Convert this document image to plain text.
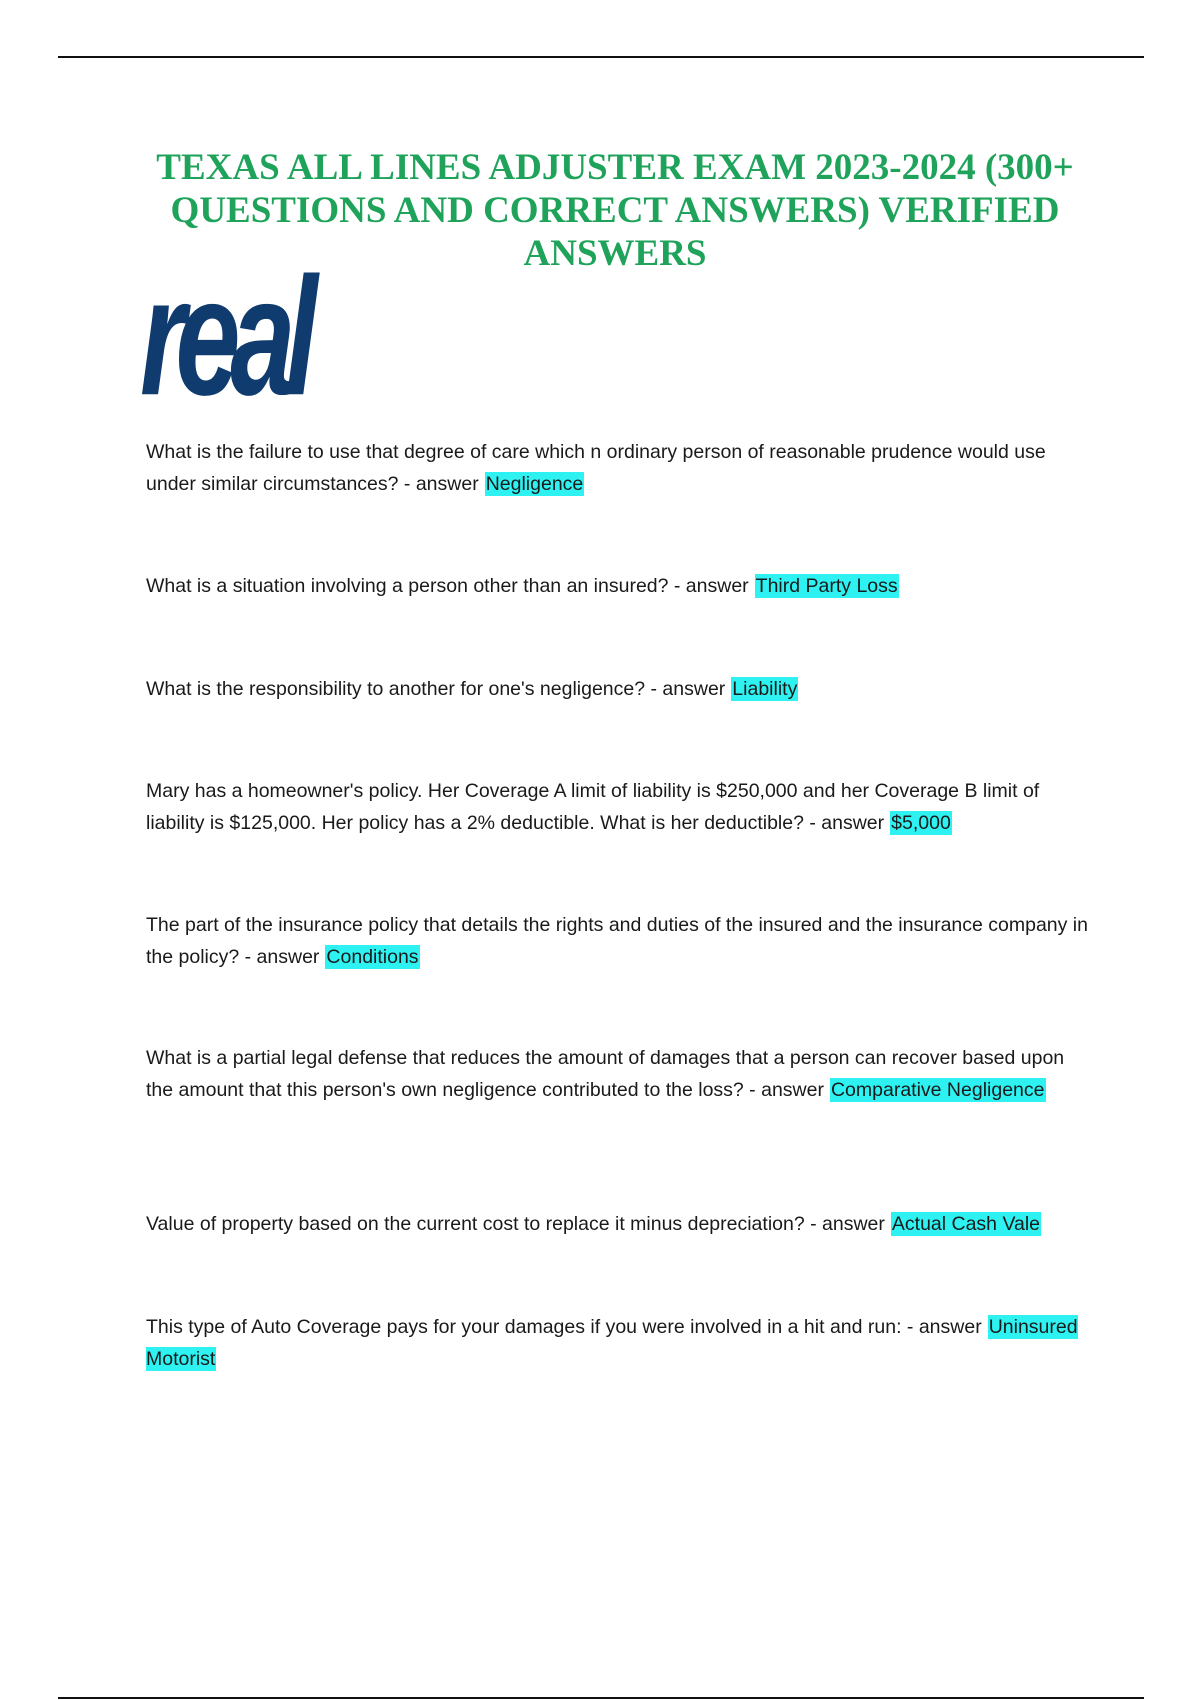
TEXAS ALL LINES ADJUSTER EXAM 2023-2024 (300+ QUESTIONS AND CORRECT ANSWERS) VERIFIED ANSWERS
real

What is the failure to use that degree of care which n ordinary person of reasonable prudence would use under similar circumstances? - answer Negligence

What is a situation involving a person other than an insured? - answer Third Party Loss

What is the responsibility to another for one's negligence? - answer Liability

Mary has a homeowner's policy. Her Coverage A limit of liability is $250,000 and her Coverage B limit of liability is $125,000. Her policy has a 2% deductible. What is her deductible? - answer $5,000

The part of the insurance policy that details the rights and duties of the insured and the insurance company in the policy? - answer Conditions

What is a partial legal defense that reduces the amount of damages that a person can recover based upon the amount that this person's own negligence contributed to the loss? - answer Comparative Negligence

Value of property based on the current cost to replace it minus depreciation? - answer Actual Cash Vale

This type of Auto Coverage pays for your damages if you were involved in a hit and run: - answer Uninsured Motorist
